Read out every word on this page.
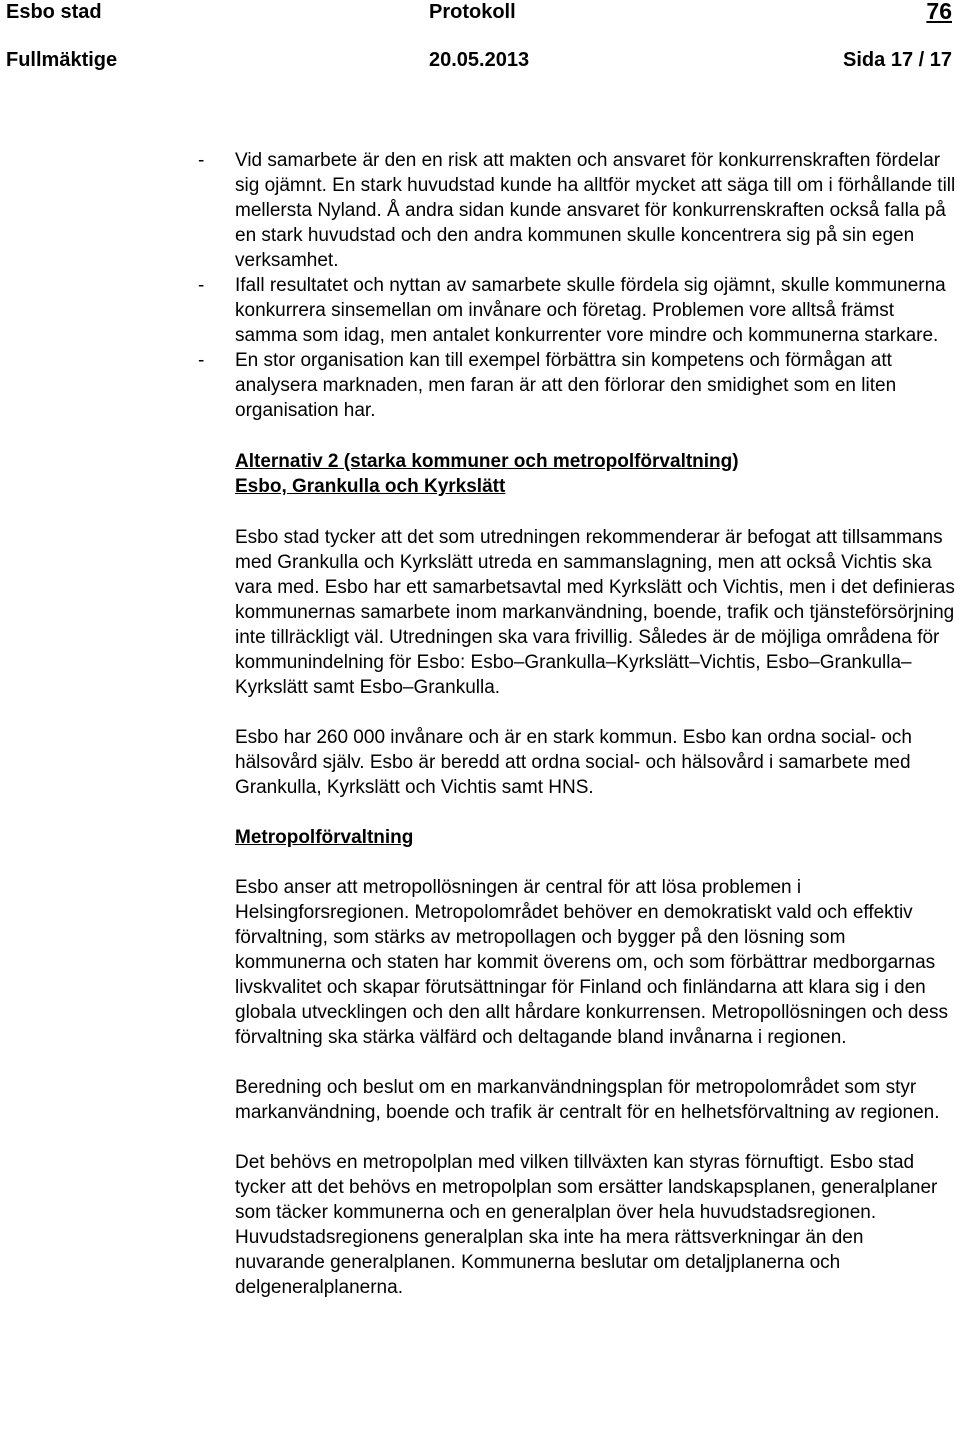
Esbo stad	Protokoll	76
Fullmäktige	20.05.2013	Sida 17 / 17
-	Vid samarbete är den en risk att makten och ansvaret för konkurrenskraften fördelar sig ojämnt. En stark huvudstad kunde ha alltför mycket att säga till om i förhållande till mellersta Nyland. Å andra sidan kunde ansvaret för konkurrenskraften också falla på en stark huvudstad och den andra kommunen skulle koncentrera sig på sin egen verksamhet.
-	Ifall resultatet och nyttan av samarbete skulle fördela sig ojämnt, skulle kommunerna konkurrera sinsemellan om invånare och företag. Problemen vore alltså främst samma som idag, men antalet konkurrenter vore mindre och kommunerna starkare.
-	En stor organisation kan till exempel förbättra sin kompetens och förmågan att analysera marknaden, men faran är att den förlorar den smidighet som en liten organisation har.

Alternativ 2 (starka kommuner och metropolförvaltning)

Esbo, Grankulla och Kyrkslätt

Esbo stad tycker att det som utredningen rekommenderar är befogat att tillsammans med Grankulla och Kyrkslätt utreda en sammanslagning, men att också Vichtis ska vara med. Esbo har ett samarbetsavtal med Kyrkslätt och Vichtis, men i det definieras kommunernas samarbete inom markanvändning, boende, trafik och tjänsteförsörjning inte tillräckligt väl. Utredningen ska vara frivillig. Således är de möjliga områdena för kommunindelning för Esbo: Esbo–Grankulla–Kyrkslätt–Vichtis, Esbo–Grankulla–Kyrkslätt samt Esbo–Grankulla.

Esbo har 260 000 invånare och är en stark kommun. Esbo kan ordna social- och hälsovård själv. Esbo är beredd att ordna social- och hälsovård i samarbete med Grankulla, Kyrkslätt och Vichtis samt HNS.

Metropolförvaltning

Esbo anser att metropollösningen är central för att lösa problemen i Helsingforsregionen. Metropolområdet behöver en demokratiskt vald och effektiv förvaltning, som stärks av metropollagen och bygger på den lösning som kommunerna och staten har kommit överens om, och som förbättrar medborgarnas livskvalitet och skapar förutsättningar för Finland och finländarna att klara sig i den globala utvecklingen och den allt hårdare konkurrensen. Metropollösningen och dess förvaltning ska stärka välfärd och deltagande bland invånarna i regionen.

Beredning och beslut om en markanvändningsplan för metropolområdet som styr markanvändning, boende och trafik är centralt för en helhetsförvaltning av regionen.

Det behövs en metropolplan med vilken tillväxten kan styras förnuftigt. Esbo stad tycker att det behövs en metropolplan som ersätter landskapsplanen, generalplaner som täcker kommunerna och en generalplan över hela huvudstadsregionen. Huvudstadsregionens generalplan ska inte ha mera rättsverkningar än den nuvarande generalplanen. Kommunerna beslutar om detaljplanerna och delgeneralplanerna.
